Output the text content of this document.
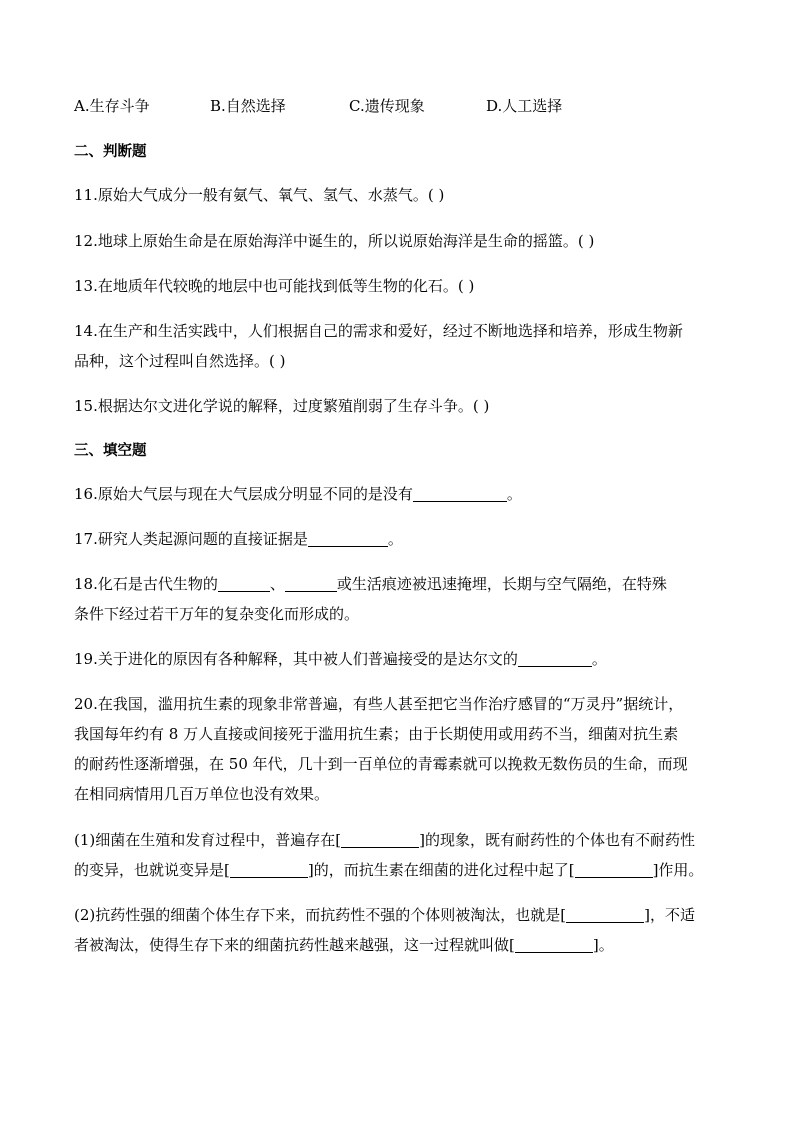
A.生存斗争	B.自然选择	C.遗传现象	D.人工选择
二、判断题
11.原始大气成分一般有氨气、氧气、氢气、水蒸气。( )
12.地球上原始生命是在原始海洋中诞生的，所以说原始海洋是生命的摇篮。( )
13.在地质年代较晚的地层中也可能找到低等生物的化石。( )
14.在生产和生活实践中，人们根据自己的需求和爱好，经过不断地选择和培养，形成生物新
品种，这个过程叫自然选择。( )
15.根据达尔文进化学说的解释，过度繁殖削弱了生存斗争。( )
三、填空题
16.原始大气层与现在大气层成分明显不同的是没有	。
17.研究人类起源问题的直接证据是	。
18.化石是古代生物的	、	或生活痕迹被迅速掩埋，长期与空气隔绝，在特殊
条件下经过若干万年的复杂变化而形成的。
19.关于进化的原因有各种解释，其中被人们普遍接受的是达尔文的	。
20.在我国，滥用抗生素的现象非常普遍，有些人甚至把它当作治疗感冒的“万灵丹”据统计，
我国每年约有 8 万人直接或间接死于滥用抗生素；由于长期使用或用药不当，细菌对抗生素
的耐药性逐渐增强，在 50 年代，几十到一百单位的青霉素就可以挽救无数伤员的生命，而现
在相同病情用几百万单位也没有效果。
(1)细菌在生殖和发育过程中，普遍存在[	]的现象，既有耐药性的个体也有不耐药性
的变异，也就说变异是[	]的，而抗生素在细菌的进化过程中起了[	]作用。
(2)抗药性强的细菌个体生存下来，而抗药性不强的个体则被淘汰，也就是[	]，不适
者被淘汰，使得生存下来的细菌抗药性越来越强，这一过程就叫做[	]。
